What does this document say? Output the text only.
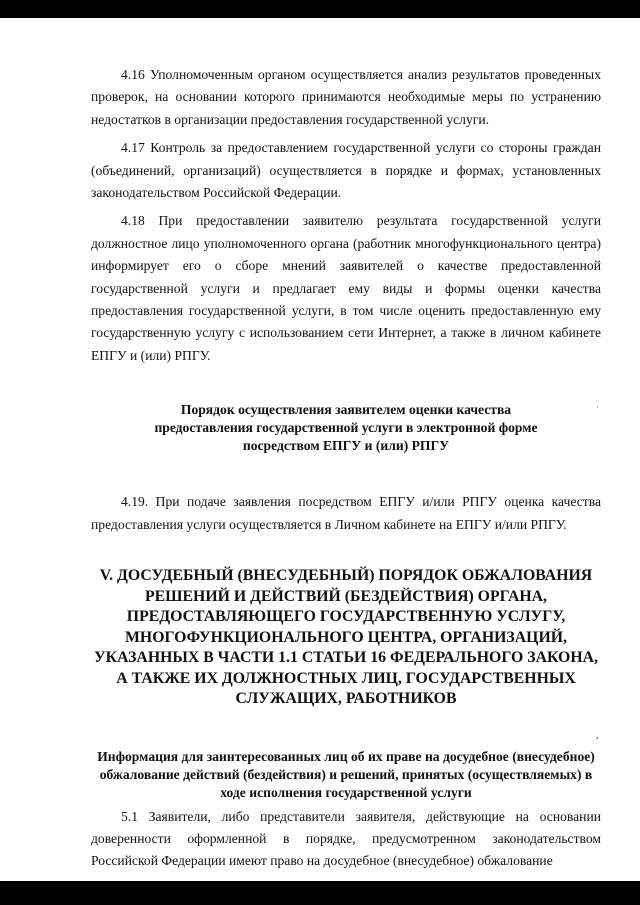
4.16 Уполномоченным органом осуществляется анализ результатов проведенных проверок, на основании которого принимаются необходимые меры по устранению недостатков в организации предоставления государственной услуги.

4.17 Контроль за предоставлением государственной услуги со стороны граждан (объединений, организаций) осуществляется в порядке и формах, установленных законодательством Российской Федерации.

4.18 При предоставлении заявителю результата государственной услуги должностное лицо уполномоченного органа (работник многофункционального центра) информирует его о сборе мнений заявителей о качестве предоставленной государственной услуги и предлагает ему виды и формы оценки качества предоставления государственной услуги, в том числе оценить предоставленную ему государственную услугу с использованием сети Интернет, а также в личном кабинете ЕПГУ и (или) РПГУ.

Порядок осуществления заявителем оценки качества предоставления государственной услуги в электронной форме посредством ЕПГУ и (или) РПГУ

4.19. При подаче заявления посредством ЕПГУ и/или РПГУ оценка качества предоставления услуги осуществляется в Личном кабинете на ЕПГУ и/или РПГУ.

V. ДОСУДЕБНЫЙ (ВНЕСУДЕБНЫЙ) ПОРЯДОК ОБЖАЛОВАНИЯ РЕШЕНИЙ И ДЕЙСТВИЙ (БЕЗДЕЙСТВИЯ) ОРГАНА, ПРЕДОСТАВЛЯЮЩЕГО ГОСУДАРСТВЕННУЮ УСЛУГУ, МНОГОФУНКЦИОНАЛЬНОГО ЦЕНТРА, ОРГАНИЗАЦИЙ, УКАЗАННЫХ В ЧАСТИ 1.1 СТАТЬИ 16 ФЕДЕРАЛЬНОГО ЗАКОНА, А ТАКЖЕ ИХ ДОЛЖНОСТНЫХ ЛИЦ, ГОСУДАРСТВЕННЫХ СЛУЖАЩИХ, РАБОТНИКОВ

Информация для заинтересованных лиц об их праве на досудебное (внесудебное) обжалование действий (бездействия) и решений, принятых (осуществляемых) в ходе исполнения государственной услуги

5.1 Заявители, либо представители заявителя, действующие на основании доверенности оформленной в порядке, предусмотренном законодательством Российской Федерации имеют право на досудебное (внесудебное) обжалование

ʾ
,
